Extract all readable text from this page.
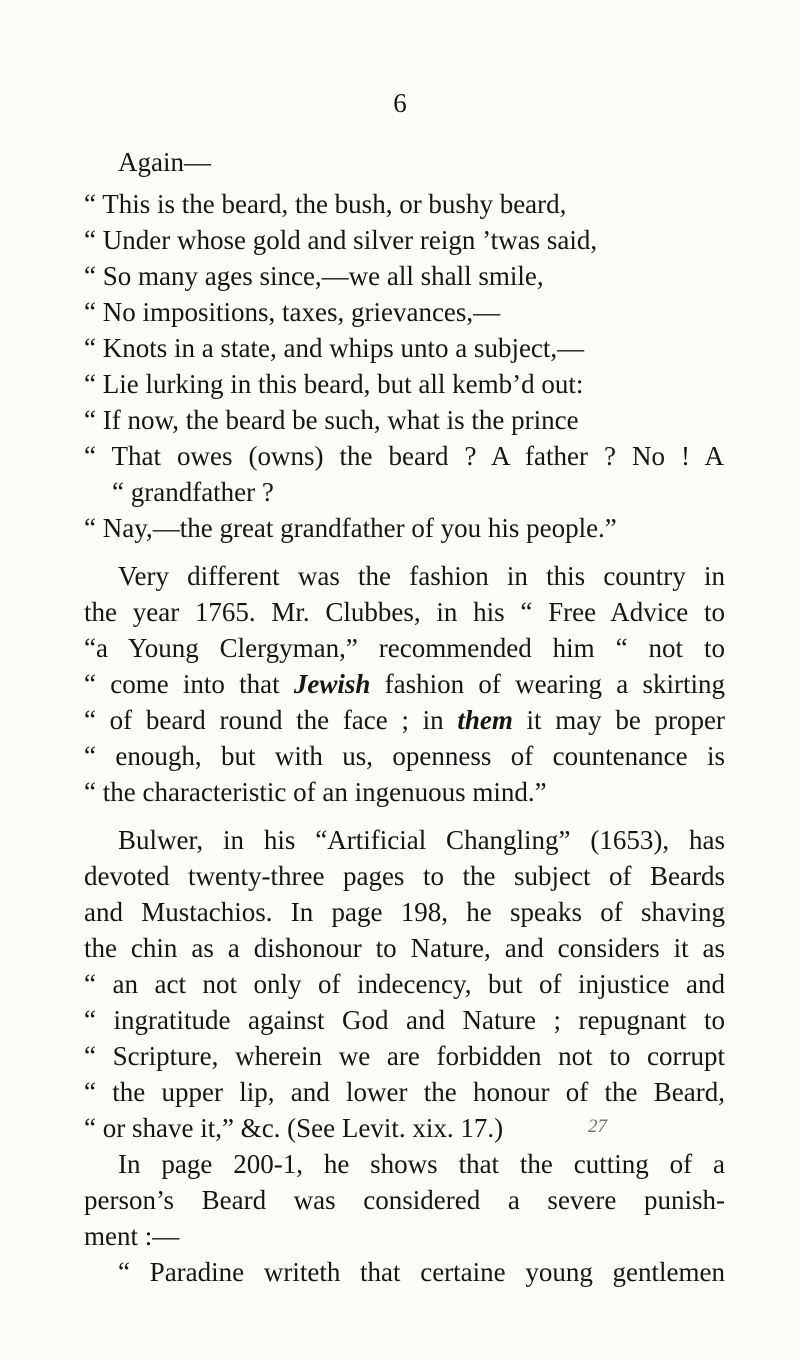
6
Again—
“ This is the beard, the bush, or bushy beard,
“ Under whose gold and silver reign ’twas said,
“ So many ages since,—we all shall smile,
“ No impositions, taxes, grievances,—
“ Knots in a state, and whips unto a subject,—
“ Lie lurking in this beard, but all kemb’d out:
“ If now, the beard be such, what is the prince
“ That owes (owns) the beard ? A father ? No ! A
“ grandfather ?
“ Nay,—the great grandfather of you his people.”
Very different was the fashion in this country in
the year 1765. Mr. Clubbes, in his “ Free Advice to
“a Young Clergyman,” recommended him “ not to
“ come into that Jewish fashion of wearing a skirting
“ of beard round the face ; in them it may be proper
“ enough, but with us, openness of countenance is
“ the characteristic of an ingenuous mind.”
Bulwer, in his “Artificial Changling” (1653), has
devoted twenty-three pages to the subject of Beards
and Mustachios. In page 198, he speaks of shaving
the chin as a dishonour to Nature, and considers it as
“ an act not only of indecency, but of injustice and
“ ingratitude against God and Nature ; repugnant to
“ Scripture, wherein we are forbidden not to corrupt
“ the upper lip, and lower the honour of the Beard,
“ or shave it,” &c. (See Levit. xix. 17.)	27
In page 200-1, he shows that the cutting of a
person’s Beard was considered a severe punish-
ment :—
“ Paradine writeth that certaine young gentlemen
